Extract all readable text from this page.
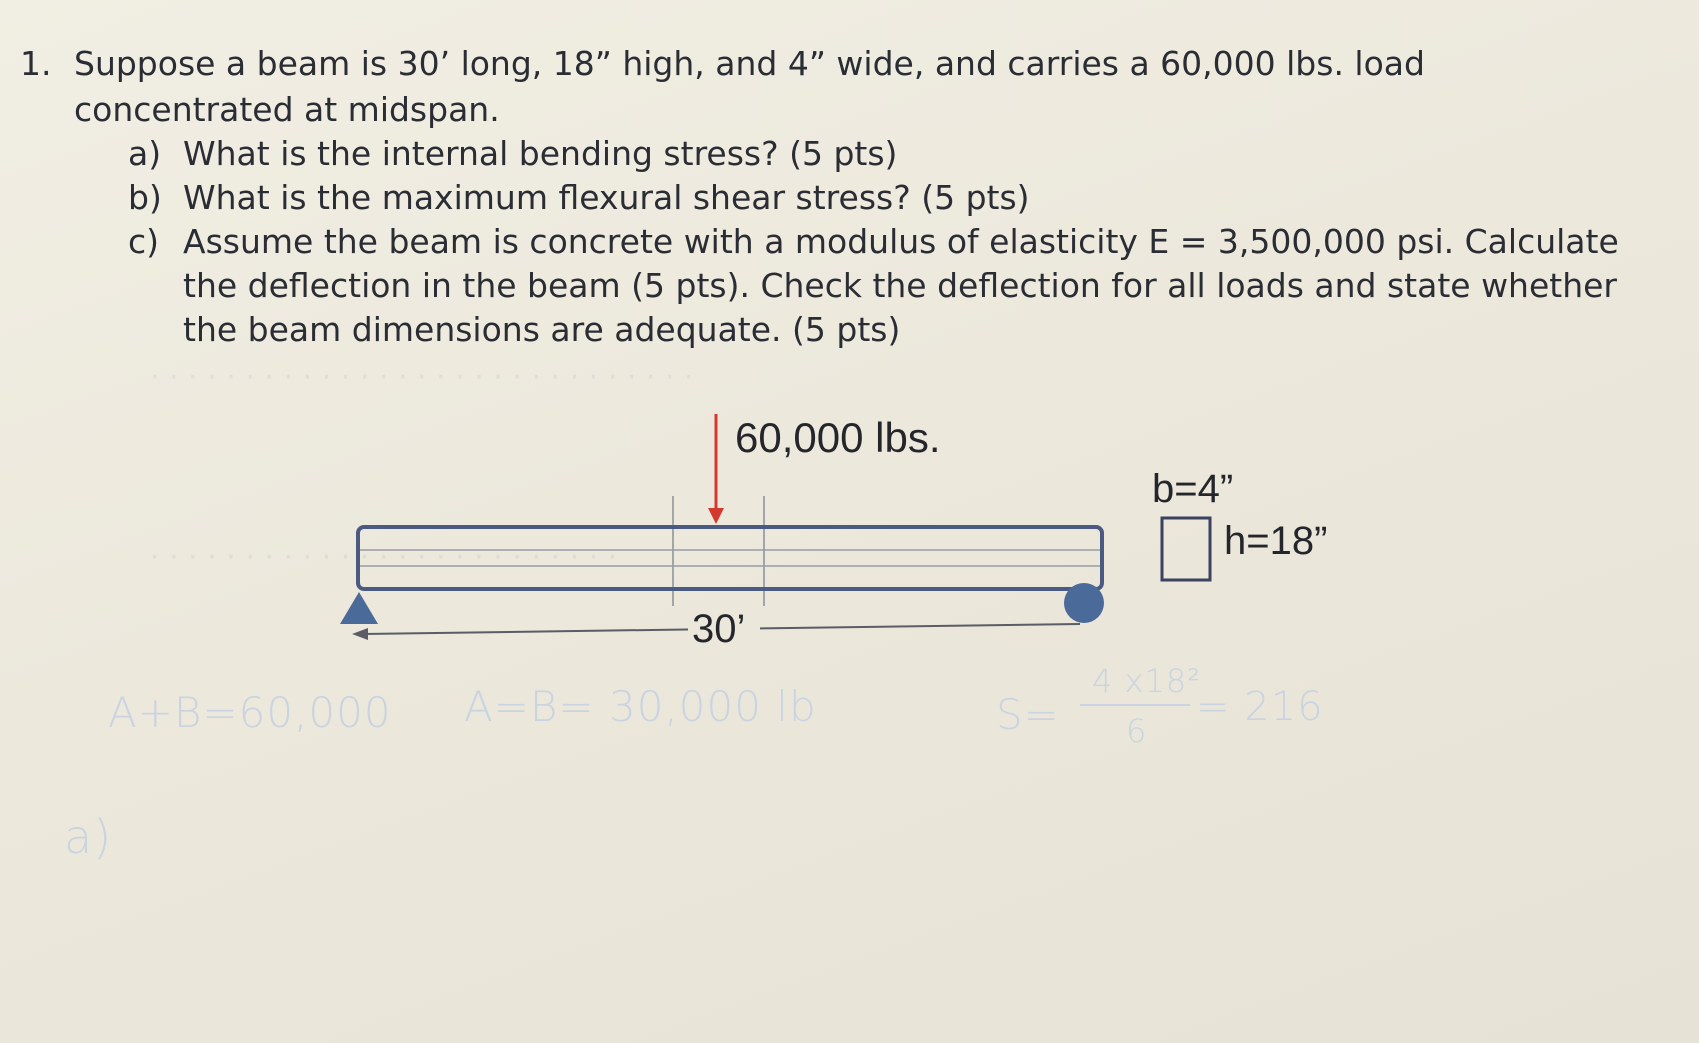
· · · · · · · · · · · · · · · · · · · · · · · · · · · · ·
· · · · · · · · · · · · · · · · · · · · · · · · ·
1. Suppose a beam is 30’ long, 18” high, and 4” wide, and carries a 60,000 lbs. load
concentrated at midspan.
a) What is the internal bending stress? (5 pts)
b) What is the maximum flexural shear stress? (5 pts)
c) Assume the beam is concrete with a modulus of elasticity E = 3,500,000 psi. Calculate
the deflection in the beam (5 pts). Check the deflection for all loads and state whether
the beam dimensions are adequate. (5 pts)
60,000 lbs.
30’
b=4”
h=18”
A+B=60,000 A=B= 30,000 lb	S=
4 x18²
6
= 216
a)
